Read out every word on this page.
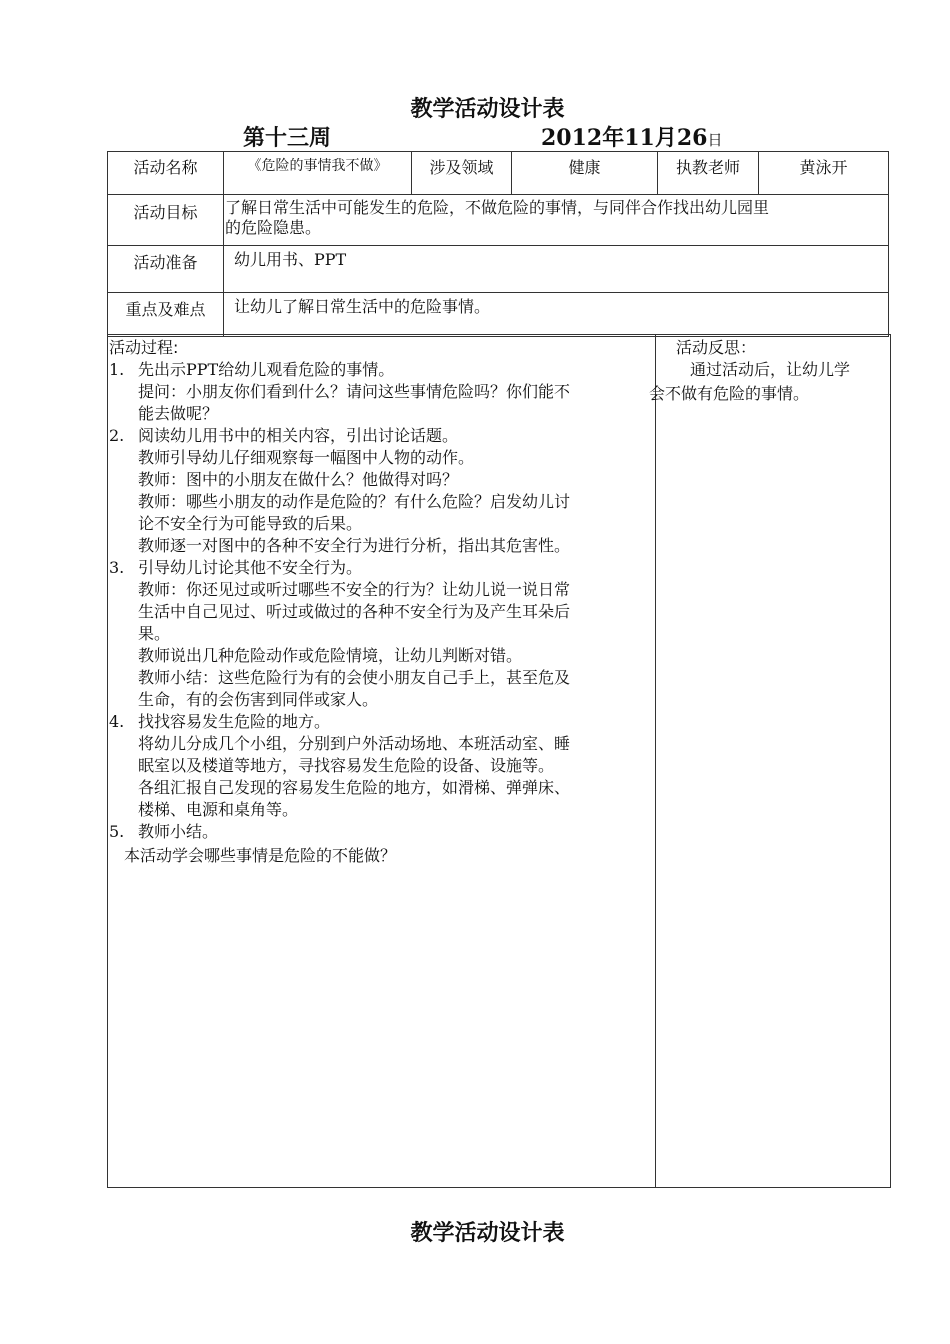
教学活动设计表
第十三周	2012年11月26日
活动名称	《危险的事情我不做》	涉及领域	健康	执教老师	黄泳开
活动目标	了解日常生活中可能发生的危险，不做危险的事情，与同伴合作找出幼儿园里
的危险隐患。
活动准备	幼儿用书、PPT
重点及难点	让幼儿了解日常生活中的危险事情。
活动过程:
1. 先出示PPT给幼儿观看危险的事情。
提问：小朋友你们看到什么？请问这些事情危险吗？你们能不
能去做呢？
2. 阅读幼儿用书中的相关内容，引出讨论话题。
教师引导幼儿仔细观察每一幅图中人物的动作。
教师：图中的小朋友在做什么？他做得对吗？
教师：哪些小朋友的动作是危险的？有什么危险？启发幼儿讨
论不安全行为可能导致的后果。
教师逐一对图中的各种不安全行为进行分析，指出其危害性。
3. 引导幼儿讨论其他不安全行为。
教师：你还见过或听过哪些不安全的行为？让幼儿说一说日常
生活中自己见过、听过或做过的各种不安全行为及产生耳朵后
果。
教师说出几种危险动作或危险情境，让幼儿判断对错。
教师小结：这些危险行为有的会使小朋友自己手上，甚至危及
生命，有的会伤害到同伴或家人。
4. 找找容易发生危险的地方。
将幼儿分成几个小组，分别到户外活动场地、本班活动室、睡
眠室以及楼道等地方，寻找容易发生危险的设备、设施等。
各组汇报自己发现的容易发生危险的地方，如滑梯、弹弹床、
楼梯、电源和桌角等。
5. 教师小结。
本活动学会哪些事情是危险的不能做？
活动反思：
通过活动后，让幼儿学
会不做有危险的事情。
教学活动设计表
